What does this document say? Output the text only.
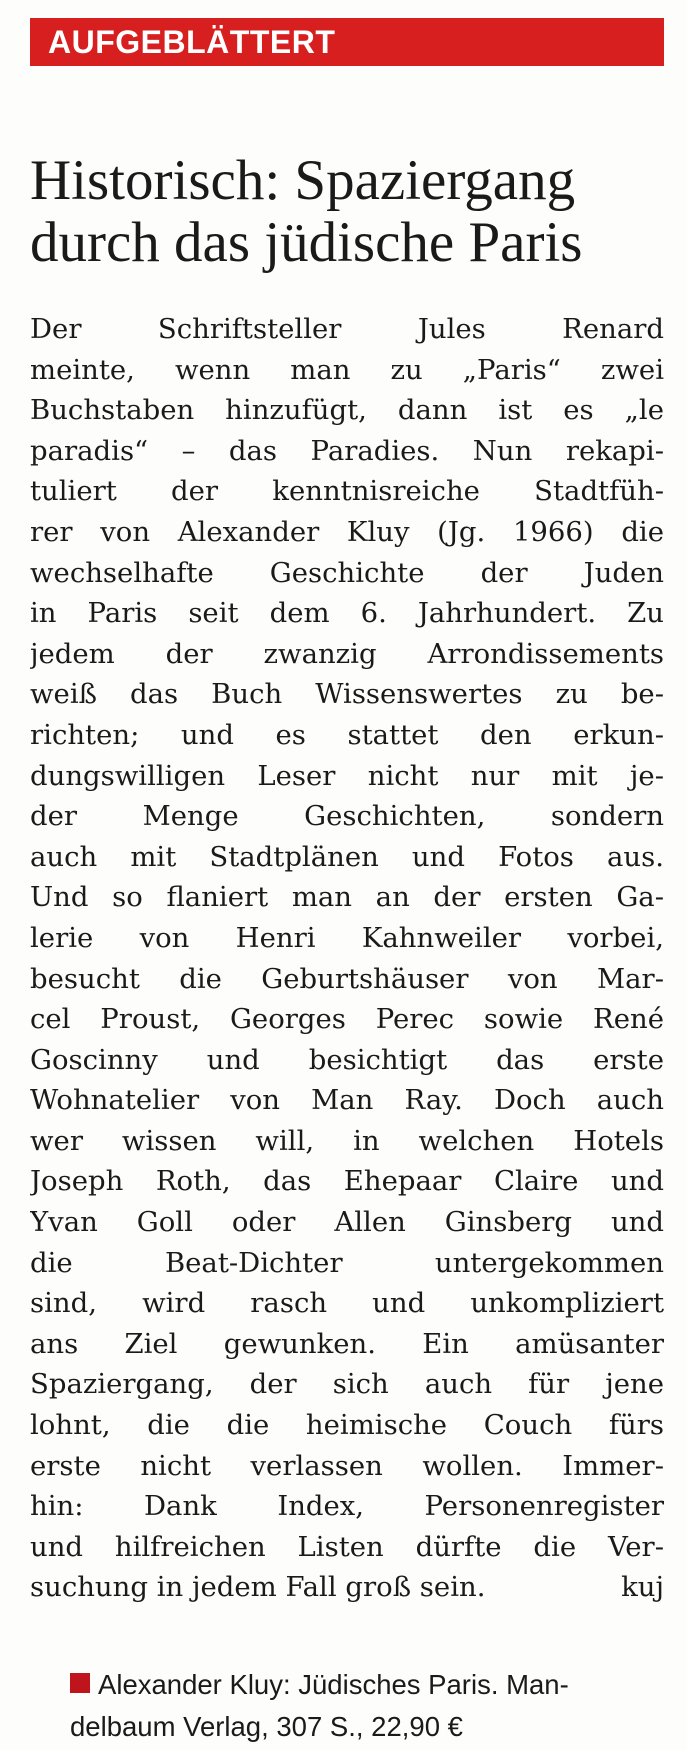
AUFGEBLÄTTERT
Historisch: Spaziergang
durch das jüdische Paris
Der Schriftsteller Jules Renard
meinte, wenn man zu „Paris“ zwei
Buchstaben hinzufügt, dann ist es „le
paradis“ – das Paradies. Nun rekapi-
tuliert der kenntnisreiche Stadtfüh-
rer von Alexander Kluy (Jg. 1966) die
wechselhafte Geschichte der Juden
in Paris seit dem 6. Jahrhundert. Zu
jedem der zwanzig Arrondissements
weiß das Buch Wissenswertes zu be-
richten; und es stattet den erkun-
dungswilligen Leser nicht nur mit je-
der Menge Geschichten, sondern
auch mit Stadtplänen und Fotos aus.
Und so flaniert man an der ersten Ga-
lerie von Henri Kahnweiler vorbei,
besucht die Geburtshäuser von Mar-
cel Proust, Georges Perec sowie René
Goscinny und besichtigt das erste
Wohnatelier von Man Ray. Doch auch
wer wissen will, in welchen Hotels
Joseph Roth, das Ehepaar Claire und
Yvan Goll oder Allen Ginsberg und
die Beat-Dichter untergekommen
sind, wird rasch und unkompliziert
ans Ziel gewunken. Ein amüsanter
Spaziergang, der sich auch für jene
lohnt, die die heimische Couch fürs
erste nicht verlassen wollen. Immer-
hin: Dank Index, Personenregister
und hilfreichen Listen dürfte die Ver-
suchung in jedem Fall groß sein.	kuj
Alexander Kluy: Jüdisches Paris. Man-
delbaum Verlag, 307 S., 22,90 €
